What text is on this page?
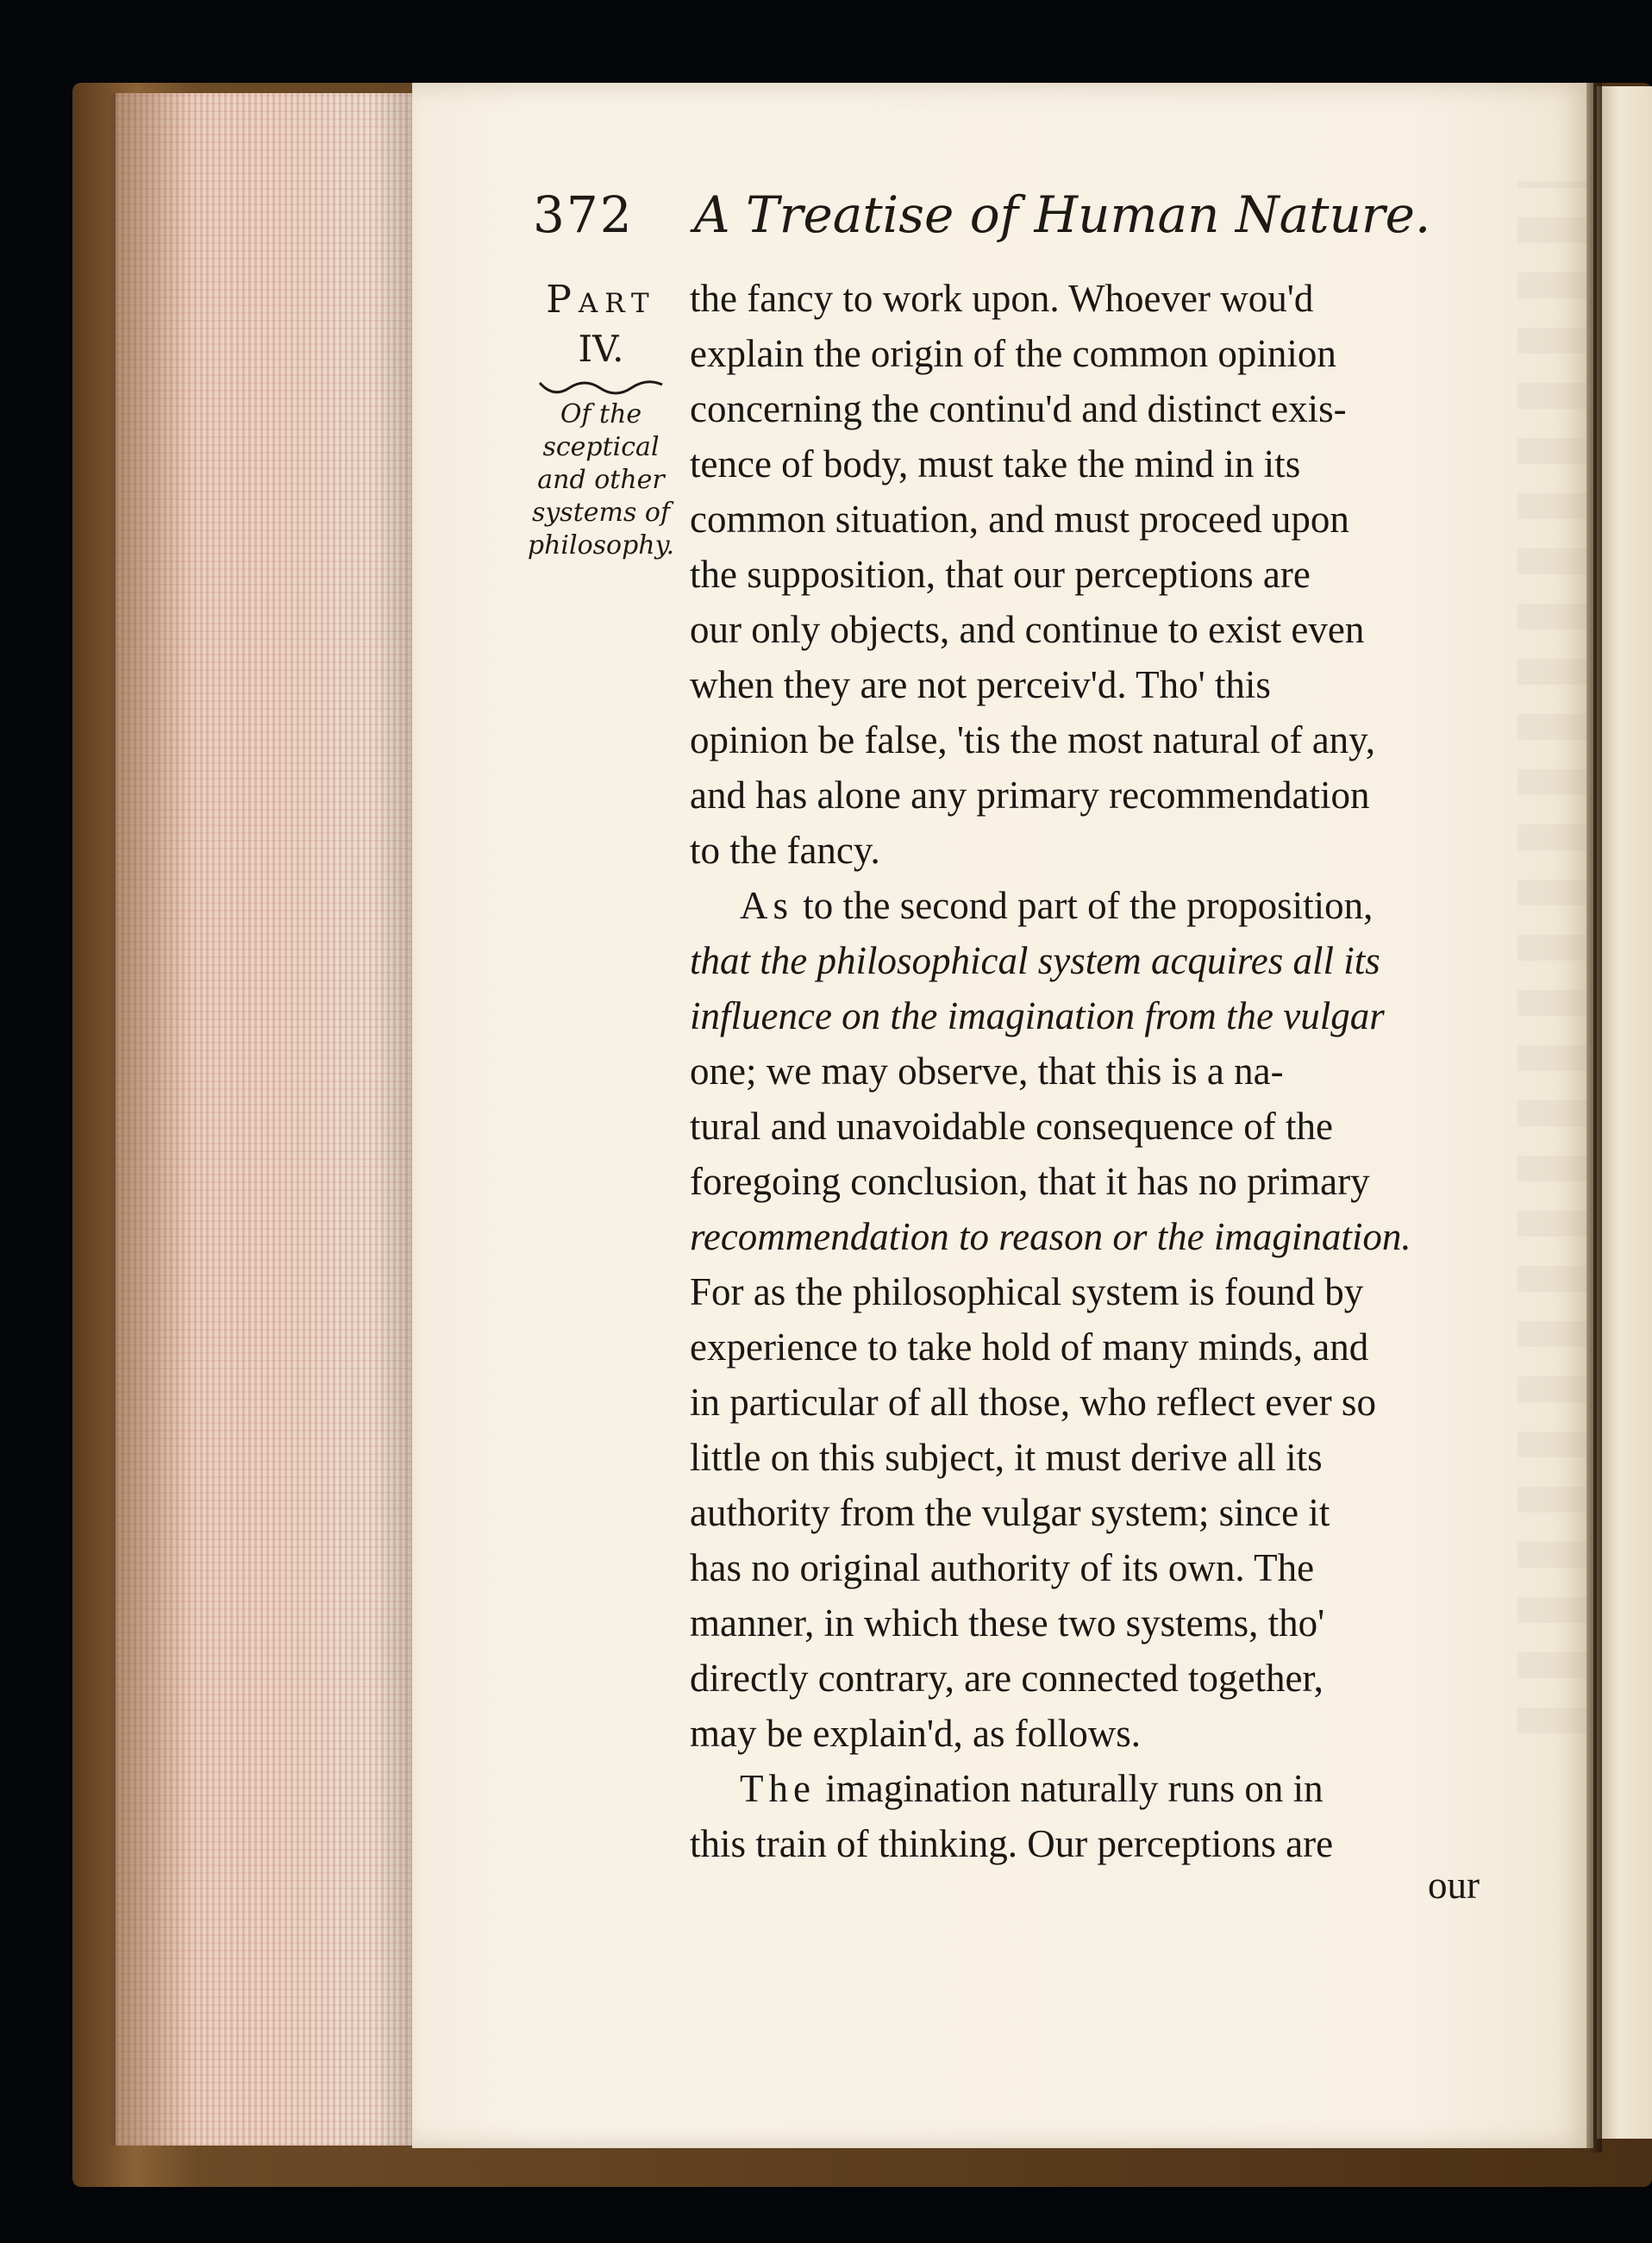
372 A Treatise of Human Nature.
Part
IV.
Of the
sceptical
and other
systems of
philosophy.

the fancy to work upon. Whoever wou'd
explain the origin of the common opinion
concerning the continu'd and distinct exis-
tence of body, must take the mind in its
common situation, and must proceed upon
the supposition, that our perceptions are
our only objects, and continue to exist even
when they are not perceiv'd. Tho' this
opinion be false, 'tis the most natural of any,
and has alone any primary recommendation
to the fancy.

As to the second part of the proposition,
that the philosophical system acquires all its
influence on the imagination from the vulgar
one; we may observe, that this is a na-
tural and unavoidable consequence of the
foregoing conclusion, that it has no primary
recommendation to reason or the imagination.
For as the philosophical system is found by
experience to take hold of many minds, and
in particular of all those, who reflect ever so
little on this subject, it must derive all its
authority from the vulgar system; since it
has no original authority of its own. The
manner, in which these two systems, tho'
directly contrary, are connected together,
may be explain'd, as follows.

The imagination naturally runs on in
this train of thinking. Our perceptions are

our
